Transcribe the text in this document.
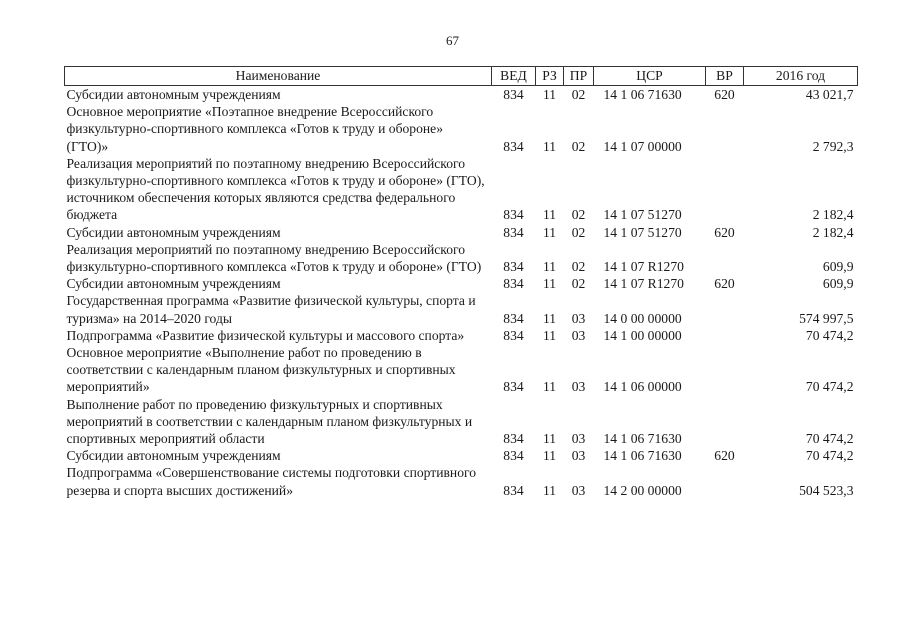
67
Наименование	ВЕД	РЗ	ПР	ЦСР	ВР	2016 год
Субсидии автономным учреждениям	834	11	02	14 1 06 71630	620	43 021,7
Основное мероприятие «Поэтапное внедрение Всероссийского физкультурно-спортивного комплекса «Готов к труду и обороне» (ГТО)»	834	11	02	14 1 07 00000		2 792,3
Реализация мероприятий по поэтапному внедрению Всероссийского физкультурно-спортивного комплекса «Готов к труду и обороне» (ГТО), источником обеспечения которых являются средства федерального бюджета	834	11	02	14 1 07 51270		2 182,4
Субсидии автономным учреждениям	834	11	02	14 1 07 51270	620	2 182,4
Реализация мероприятий по поэтапному внедрению Всероссийского физкультурно-спортивного комплекса «Готов к труду и обороне» (ГТО)	834	11	02	14 1 07 R1270		609,9
Субсидии автономным учреждениям	834	11	02	14 1 07 R1270	620	609,9
Государственная программа «Развитие физической культуры, спорта и туризма» на 2014–2020 годы	834	11	03	14 0 00 00000		574 997,5
Подпрограмма «Развитие физической культуры и массового спорта»	834	11	03	14 1 00 00000		70 474,2
Основное мероприятие «Выполнение работ по проведению в соответствии с календарным планом физкультурных и спортивных мероприятий»	834	11	03	14 1 06 00000		70 474,2
Выполнение работ по проведению физкультурных и спортивных мероприятий в соответствии с календарным планом физкультурных и спортивных мероприятий области	834	11	03	14 1 06 71630		70 474,2
Субсидии автономным учреждениям	834	11	03	14 1 06 71630	620	70 474,2
Подпрограмма «Совершенствование системы подготовки спортивного резерва и спорта высших достижений»	834	11	03	14 2 00 00000		504 523,3
